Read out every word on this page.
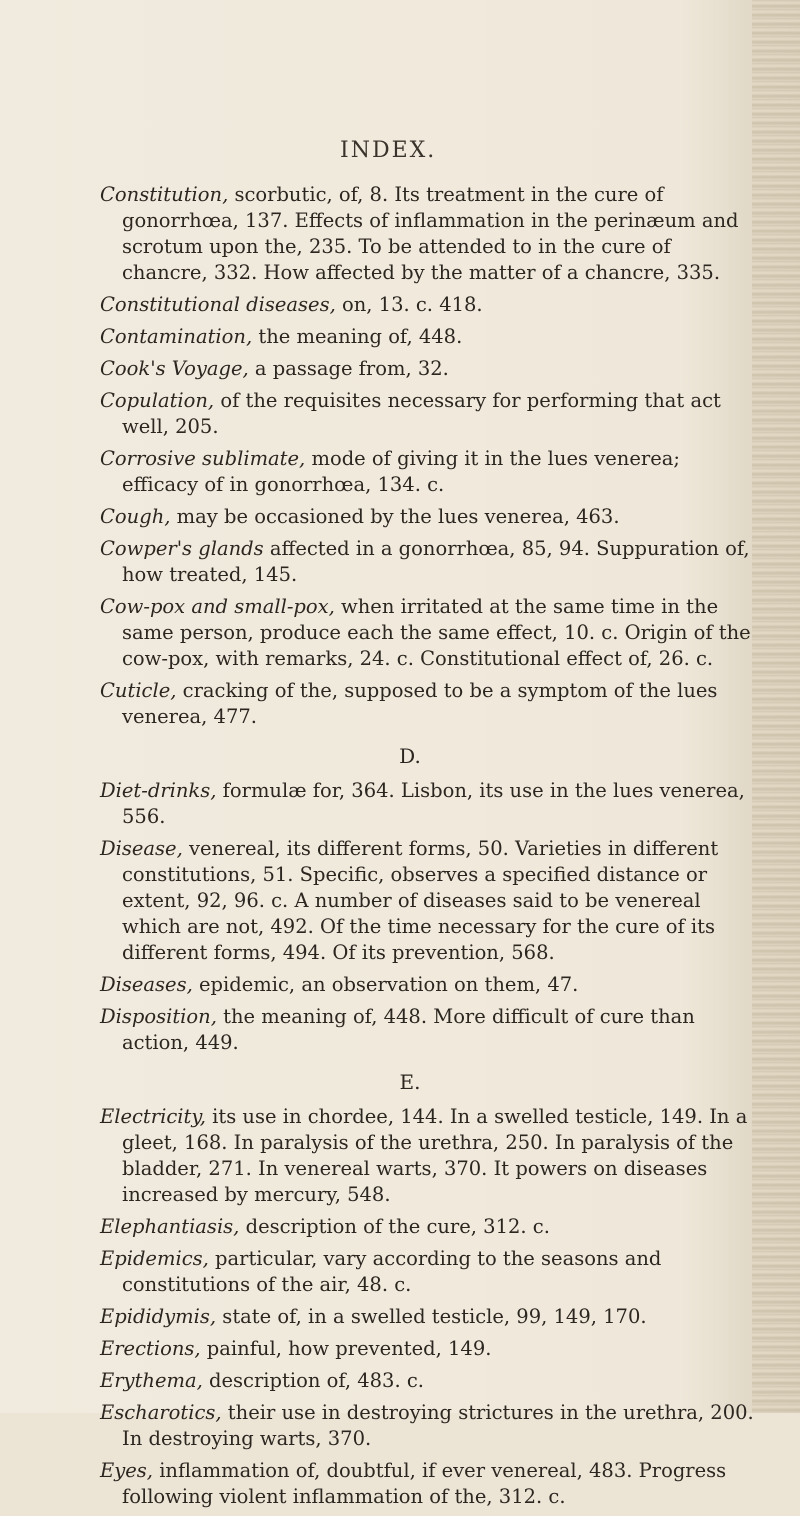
INDEX.

Constitution, scorbutic, of, 8. Its treatment in the cure of gonorrhœa, 137. Effects of inflammation in the perinæum and scrotum upon the, 235. To be attended to in the cure of chancre, 332. How affected by the matter of a chancre, 335.

Constitutional diseases, on, 13. c. 418.

Contamination, the meaning of, 448.

Cook's Voyage, a passage from, 32.

Copulation, of the requisites necessary for performing that act well, 205.

Corrosive sublimate, mode of giving it in the lues venerea; efficacy of in gonorrhœa, 134. c.

Cough, may be occasioned by the lues venerea, 463.

Cowper's glands affected in a gonorrhœa, 85, 94. Suppuration of, how treated, 145.

Cow-pox and small-pox, when irritated at the same time in the same person, produce each the same effect, 10. c. Origin of the cow-pox, with remarks, 24. c. Constitutional effect of, 26. c.

Cuticle, cracking of the, supposed to be a symptom of the lues venerea, 477.

D.

Diet-drinks, formulæ for, 364. Lisbon, its use in the lues venerea, 556.

Disease, venereal, its different forms, 50. Varieties in different constitutions, 51. Specific, observes a specified distance or extent, 92, 96. c. A number of diseases said to be venereal which are not, 492. Of the time necessary for the cure of its different forms, 494. Of its prevention, 568.

Diseases, epidemic, an observation on them, 47.

Disposition, the meaning of, 448. More difficult of cure than action, 449.

E.

Electricity, its use in chordee, 144. In a swelled testicle, 149. In a gleet, 168. In paralysis of the urethra, 250. In paralysis of the bladder, 271. In venereal warts, 370. It powers on diseases increased by mercury, 548.

Elephantiasis, description of the cure, 312. c.

Epidemics, particular, vary according to the seasons and constitutions of the air, 48. c.

Epididymis, state of, in a swelled testicle, 99, 149, 170.

Erections, painful, how prevented, 149.

Erythema, description of, 483. c.

Escharotics, their use in destroying strictures in the urethra, 200. In destroying warts, 370.

Eyes, inflammation of, doubtful, if ever venereal, 483. Progress following violent inflammation of the, 312. c.
